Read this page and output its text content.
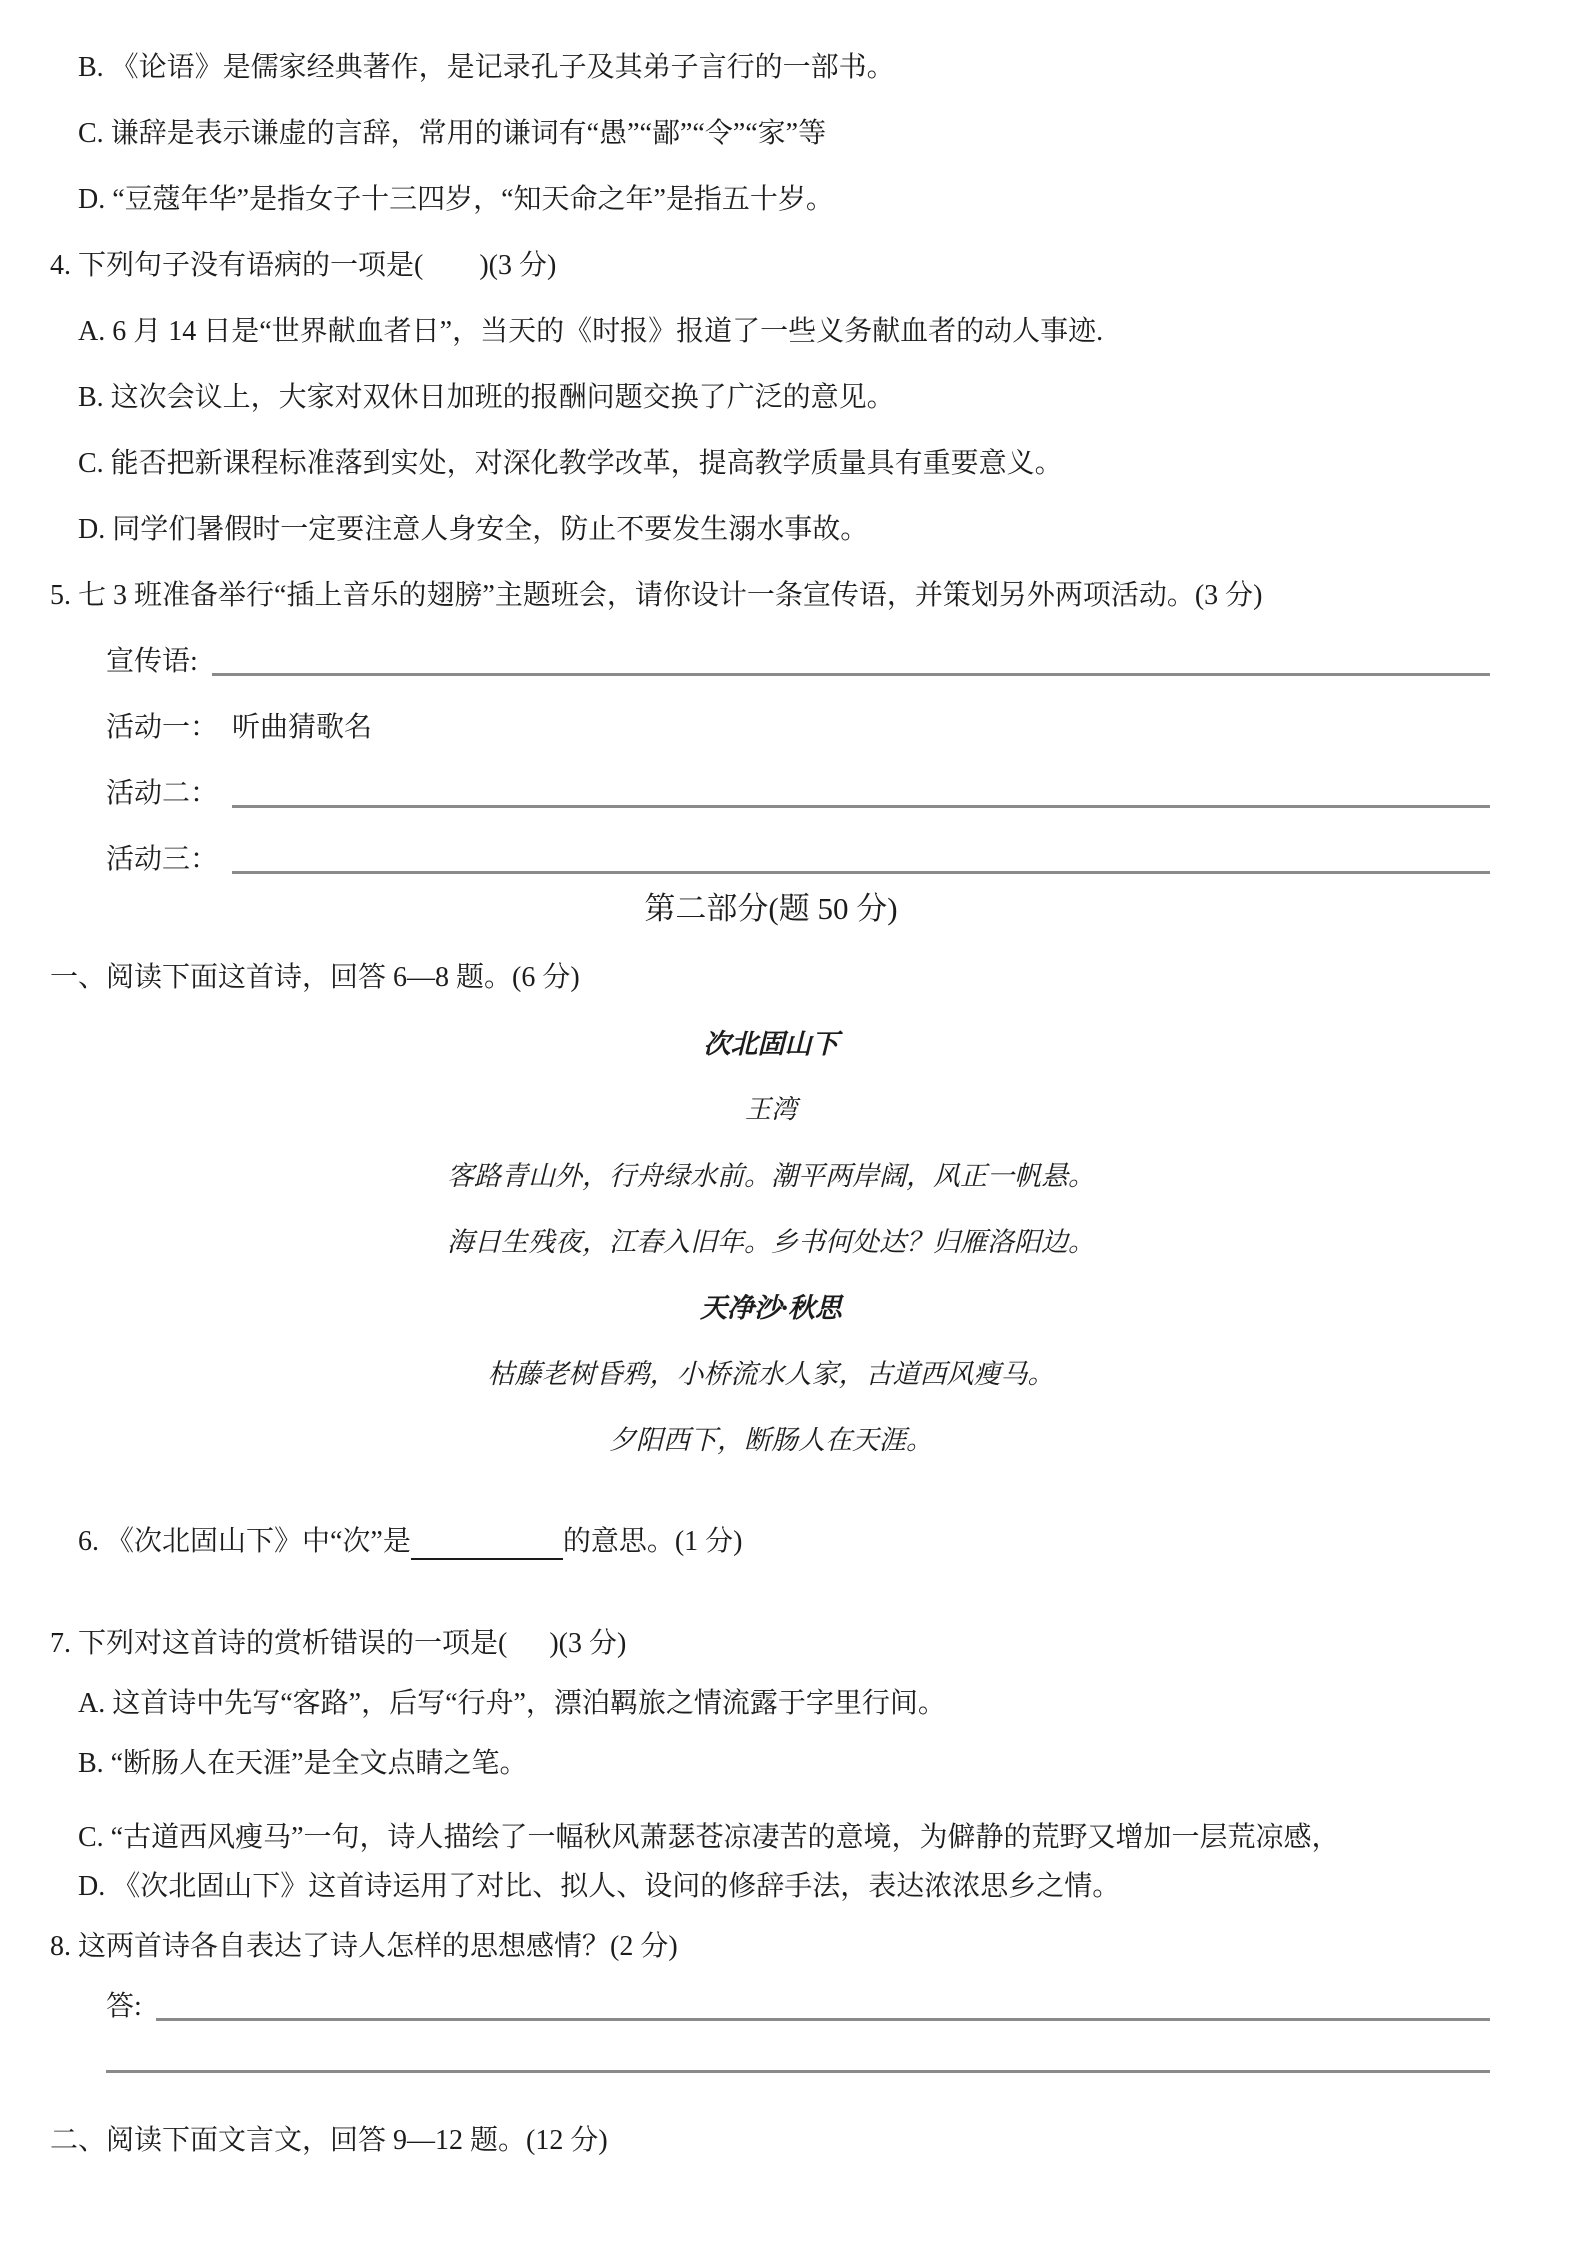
B. 《论语》是儒家经典著作，是记录孔子及其弟子言行的一部书。
C. 谦辞是表示谦虚的言辞，常用的谦词有“愚”“鄙”“令”“家”等
D. “豆蔻年华”是指女子十三四岁，“知天命之年”是指五十岁。
4. 下列句子没有语病的一项是(        )(3 分)
A. 6 月 14 日是“世界献血者日”，当天的《时报》报道了一些义务献血者的动人事迹.
B. 这次会议上，大家对双休日加班的报酬问题交换了广泛的意见。
C. 能否把新课程标准落到实处，对深化教学改革，提高教学质量具有重要意义。
D. 同学们暑假时一定要注意人身安全，防止不要发生溺水事故。
5. 七 3 班准备举行“插上音乐的翅膀”主题班会，请你设计一条宣传语，并策划另外两项活动。(3 分)
宣传语:
活动一： 听曲猜歌名
活动二：
活动三：
第二部分(题 50 分)
一、阅读下面这首诗，回答 6—8 题。(6 分)
次北固山下
王湾
客路青山外，行舟绿水前。潮平两岸阔，风正一帆悬。
海日生残夜，江春入旧年。乡书何处达？归雁洛阳边。
天净沙·秋思
枯藤老树昏鸦，小桥流水人家，古道西风瘦马。
夕阳西下，断肠人在天涯。

6. 《次北固山下》中“次”是	的意思。(1 分)

7. 下列对这首诗的赏析错误的一项是(      )(3 分)
A. 这首诗中先写“客路”，后写“行舟”，漂泊羁旅之情流露于字里行间。
B. “断肠人在天涯”是全文点睛之笔。
C. “古道西风瘦马”一句，诗人描绘了一幅秋风萧瑟苍凉凄苦的意境，为僻静的荒野又增加一层荒凉感，
D. 《次北固山下》这首诗运用了对比、拟人、设问的修辞手法，表达浓浓思乡之情。
8. 这两首诗各自表达了诗人怎样的思想感情？(2 分)
答:
二、阅读下面文言文，回答 9—12 题。(12 分)
